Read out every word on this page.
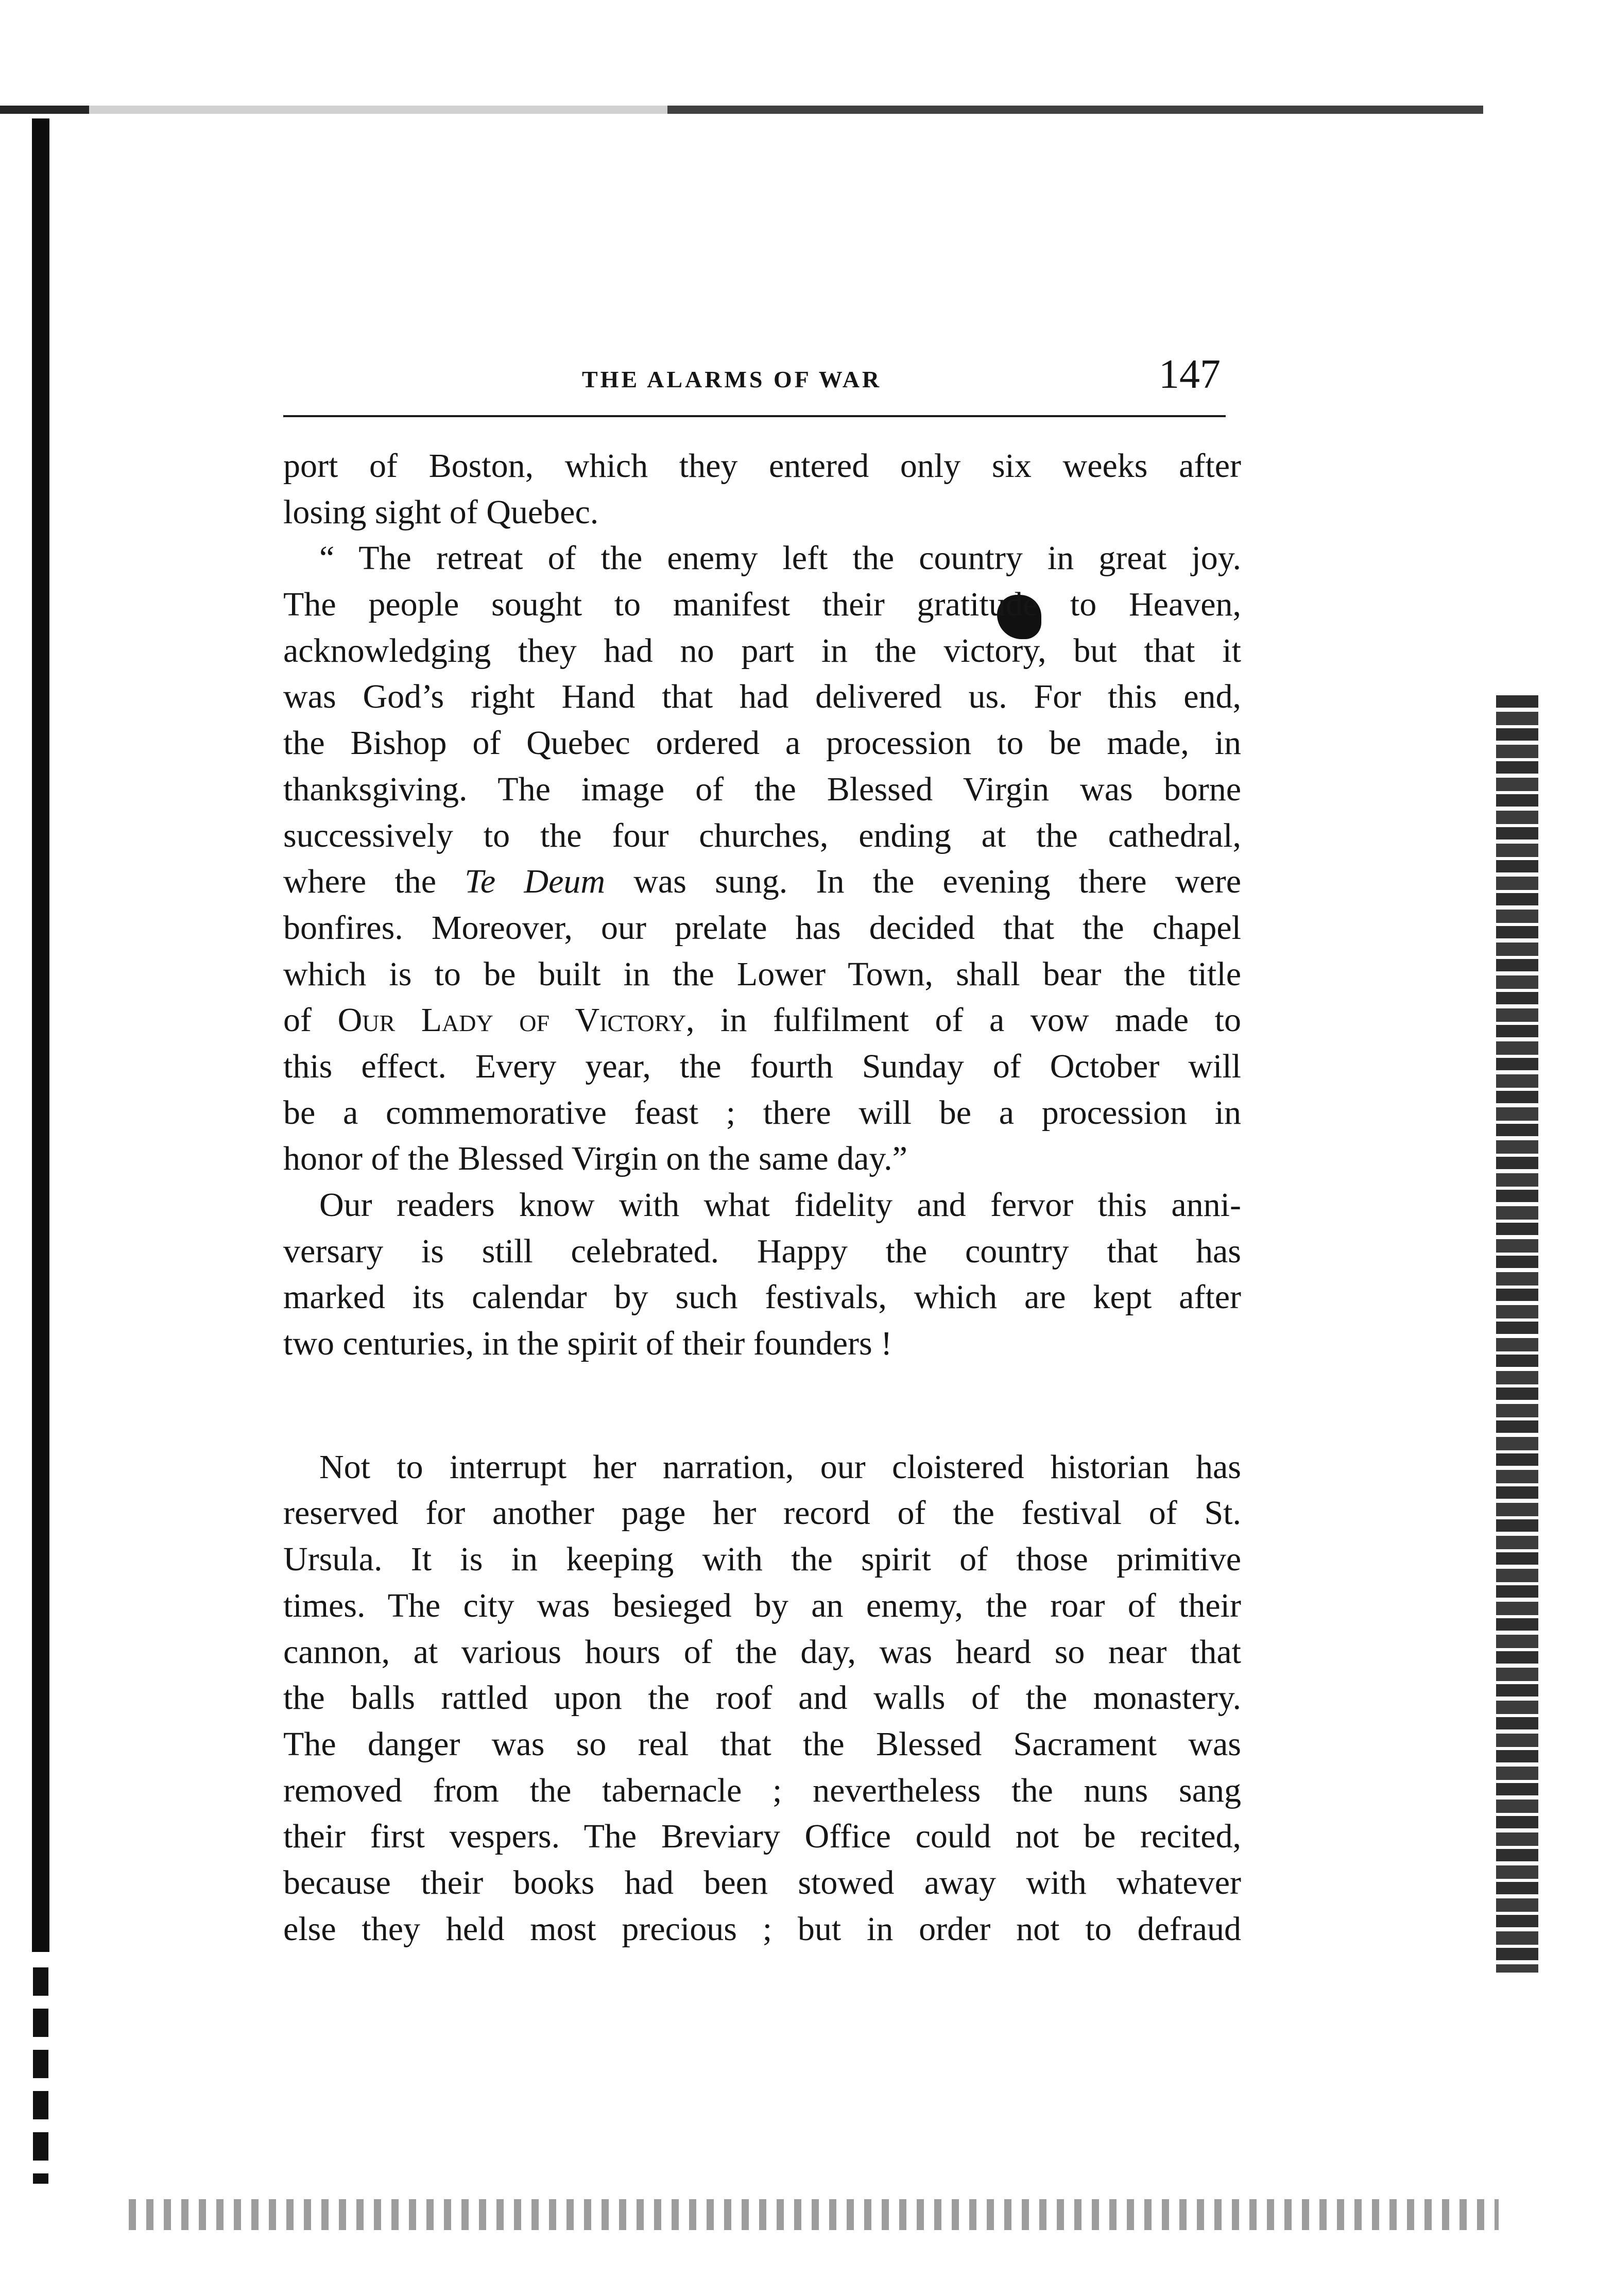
THE ALARMS OF WAR	147
port of Boston, which they entered only six weeks after
losing sight of Quebec.
“ The retreat of the enemy left the country in great joy.
The people sought to manifest their gratitude to Heaven,
acknowledging they had no part in the victory, but that it
was God’s right Hand that had delivered us. For this end,
the Bishop of Quebec ordered a procession to be made, in
thanksgiving. The image of the Blessed Virgin was borne
successively to the four churches, ending at the cathedral,
where the Te Deum was sung. In the evening there were
bonfires. Moreover, our prelate has decided that the chapel
which is to be built in the Lower Town, shall bear the title
of Our Lady of Victory, in fulfilment of a vow made to
this effect. Every year, the fourth Sunday of October will
be a commemorative feast ; there will be a procession in
honor of the Blessed Virgin on the same day.”
Our readers know with what fidelity and fervor this anni-
versary is still celebrated. Happy the country that has
marked its calendar by such festivals, which are kept after
two centuries, in the spirit of their founders !
Not to interrupt her narration, our cloistered historian has
reserved for another page her record of the festival of St.
Ursula. It is in keeping with the spirit of those primitive
times. The city was besieged by an enemy, the roar of their
cannon, at various hours of the day, was heard so near that
the balls rattled upon the roof and walls of the monastery.
The danger was so real that the Blessed Sacrament was
removed from the tabernacle ; nevertheless the nuns sang
their first vespers. The Breviary Office could not be recited,
because their books had been stowed away with whatever
else they held most precious ; but in order not to defraud
